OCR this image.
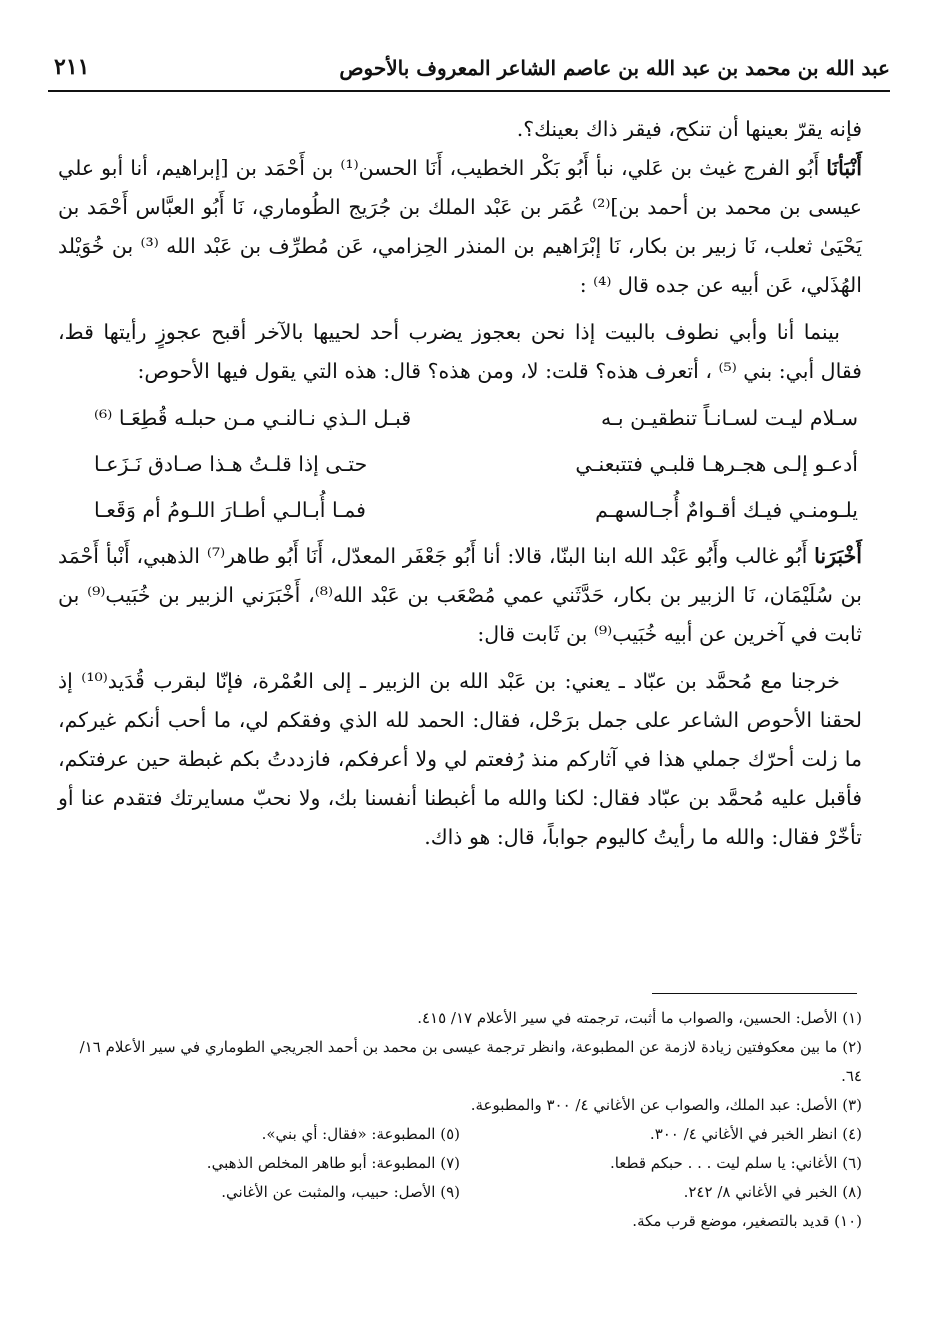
عبد الله بن محمد بن عبد الله بن عاصم الشاعر المعروف بالأحوص
٢١١

فإنه يقرّ بعينها أن تنكح، فيقر ذاك بعينك؟.

أَنْبَأنَا أَبُو الفرج غيث بن عَلي، نبأ أَبُو بَكْر الخطيب، أَنَا الحسن⁽¹⁾ بن أَحْمَد بن [إبراهيم، أنا أبو علي عيسى بن محمد بن أحمد بن]⁽²⁾ عُمَر بن عَبْد الملك بن جُرَيج الطُوماري، نَا أَبُو العبَّاس أَحْمَد بن يَحْيَىٰ ثعلب، نَا زبير بن بكار، نَا إبْرَاهيم بن المنذر الحِزامي، عَن مُطرِّف بن عَبْد الله ⁽³⁾ بن خُوَيْلد الهُذَلي، عَن أبيه عن جده قال ⁽⁴⁾ :

بينما أنا وأبي نطوف بالبيت إذا نحن بعجوز يضرب أحد لحييها بالآخر أقبح عجوزٍ رأيتها قط، فقال أبي: بني ⁽⁵⁾ ، أتعرف هذه؟ قلت: لا، ومن هذه؟ قال: هذه التي يقول فيها الأحوص:

سـلام ليـت لسـانـاً تنطقيـن بـه
قبـل الـذي نـالنـي مـن حبلـه قُطِعَـا ⁽⁶⁾
أدعـو إلـى هجـرهـا قلبـي فتتبعنـي
حتـى إذا قلـتُ هـذا صـادق نَـزَعـا
يلـومنـي فيـك أقـوامٌ أُجـالسهـم
فمـا أُبـالـي أطـارَ اللـومُ أم وَقَعـا

أَخْبَرَنا أَبُو غالب وأَبُو عَبْد الله ابنا البنّا، قالا: أنا أَبُو جَعْفَر المعدّل، أَنَا أَبُو طاهر⁽⁷⁾ الذهبي، أَنْبأ أَحْمَد بن سُلَيْمَان، نَا الزبير بن بكار، حَدَّثَني عمي مُصْعَب بن عَبْد الله⁽⁸⁾، أَخْبَرَني الزبير بن خُبَيب⁽⁹⁾ بن ثابت في آخرين عن أبيه خُبَيب⁽⁹⁾ بن ثَابت قال:

خرجنا مع مُحمَّد بن عبّاد ـ يعني: بن عَبْد الله بن الزبير ـ إلى العُمْرة، فإنّا لبقرب قُدَيد⁽¹⁰⁾ إذ لحقنا الأحوص الشاعر على جمل برَحْل، فقال: الحمد لله الذي وفقكم لي، ما أحب أنكم غيركم، ما زلت أحرّك جملي هذا في آثاركم منذ رُفعتم لي ولا أعرفكم، فازددتُ بكم غبطة حين عرفتكم، فأقبل عليه مُحمَّد بن عبّاد فقال: لكنا والله ما أغبطنا أنفسنا بك، ولا نحبّ مسايرتك فتقدم عنا أو تأخّرْ فقال: والله ما رأيتُ كاليوم جواباً، قال: هو ذاك.

(١) الأصل: الحسين، والصواب ما أثبت، ترجمته في سير الأعلام ١٧/ ٤١٥.

(٢) ما بين معكوفتين زيادة لازمة عن المطبوعة، وانظر ترجمة عيسى بن محمد بن أحمد الجريجي الطوماري في سير الأعلام ١٦/ ٦٤.

(٣) الأصل: عبد الملك، والصواب عن الأغاني ٤/ ٣٠٠ والمطبوعة.

(٤) انظر الخبر في الأغاني ٤/ ٣٠٠.

(٥) المطبوعة: «فقال: أي بني».

(٦) الأغاني: يا سلم ليت . . . حبكم قطعا.

(٧) المطبوعة: أبو طاهر المخلص الذهبي.

(٨) الخبر في الأغاني ٨/ ٢٤٢.

(٩) الأصل: حبيب، والمثبت عن الأغاني.

(١٠) قديد بالتصغير، موضع قرب مكة.
